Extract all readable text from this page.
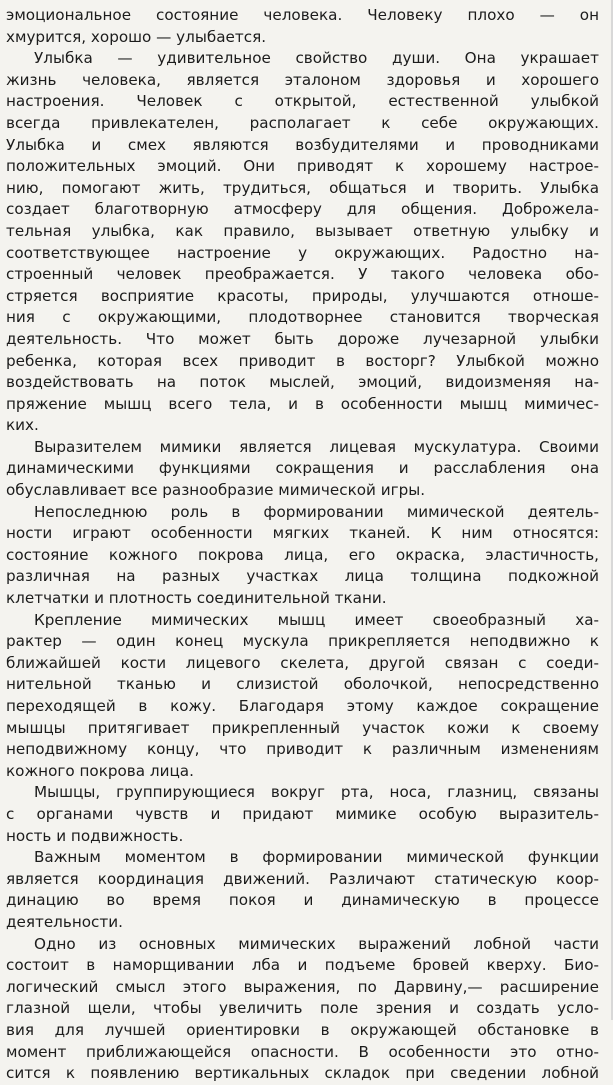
эмоциональное состояние человека. Человеку плохо — он
хмурится, хорошо — улыбается.
Улыбка — удивительное свойство души. Она украшает
жизнь человека, является эталоном здоровья и хорошего
настроения. Человек с открытой, естественной улыбкой
всегда привлекателен, располагает к себе окружающих.
Улыбка и смех являются возбудителями и проводниками
положительных эмоций. Они приводят к хорошему настрое-
нию, помогают жить, трудиться, общаться и творить. Улыбка
создает благотворную атмосферу для общения. Доброжела-
тельная улыбка, как правило, вызывает ответную улыбку и
соответствующее настроение у окружающих. Радостно на-
строенный человек преображается. У такого человека обо-
стряется восприятие красоты, природы, улучшаются отноше-
ния с окружающими, плодотворнее становится творческая
деятельность. Что может быть дороже лучезарной улыбки
ребенка, которая всех приводит в восторг? Улыбкой можно
воздействовать на поток мыслей, эмоций, видоизменяя на-
пряжение мышц всего тела, и в особенности мышц мимичес-
ких.
Выразителем мимики является лицевая мускулатура. Своими
динамическими функциями сокращения и расслабления она
обуславливает все разнообразие мимической игры.
Непоследнюю роль в формировании мимической деятель-
ности играют особенности мягких тканей. К ним относятся:
состояние кожного покрова лица, его окраска, эластичность,
различная на разных участках лица толщина подкожной
клетчатки и плотность соединительной ткани.
Крепление мимических мышц имеет своеобразный ха-
рактер — один конец мускула прикрепляется неподвижно к
ближайшей кости лицевого скелета, другой связан с соеди-
нительной тканью и слизистой оболочкой, непосредственно
переходящей в кожу. Благодаря этому каждое сокращение
мышцы притягивает прикрепленный участок кожи к своему
неподвижному концу, что приводит к различным изменениям
кожного покрова лица.
Мышцы, группирующиеся вокруг рта, носа, глазниц, связаны
с органами чувств и придают мимике особую выразитель-
ность и подвижность.
Важным моментом в формировании мимической функции
является координация движений. Различают статическую коор-
динацию во время покоя и динамическую в процессе
деятельности.
Одно из основных мимических выражений лобной части
состоит в наморщивании лба и подъеме бровей кверху. Био-
логический смысл этого выражения, по Дарвину,— расширение
глазной щели, чтобы увеличить поле зрения и создать усло-
вия для лучшей ориентировки в окружающей обстановке в
момент приближающейся опасности. В особенности это отно-
сится к появлению вертикальных складок при сведении лобной
